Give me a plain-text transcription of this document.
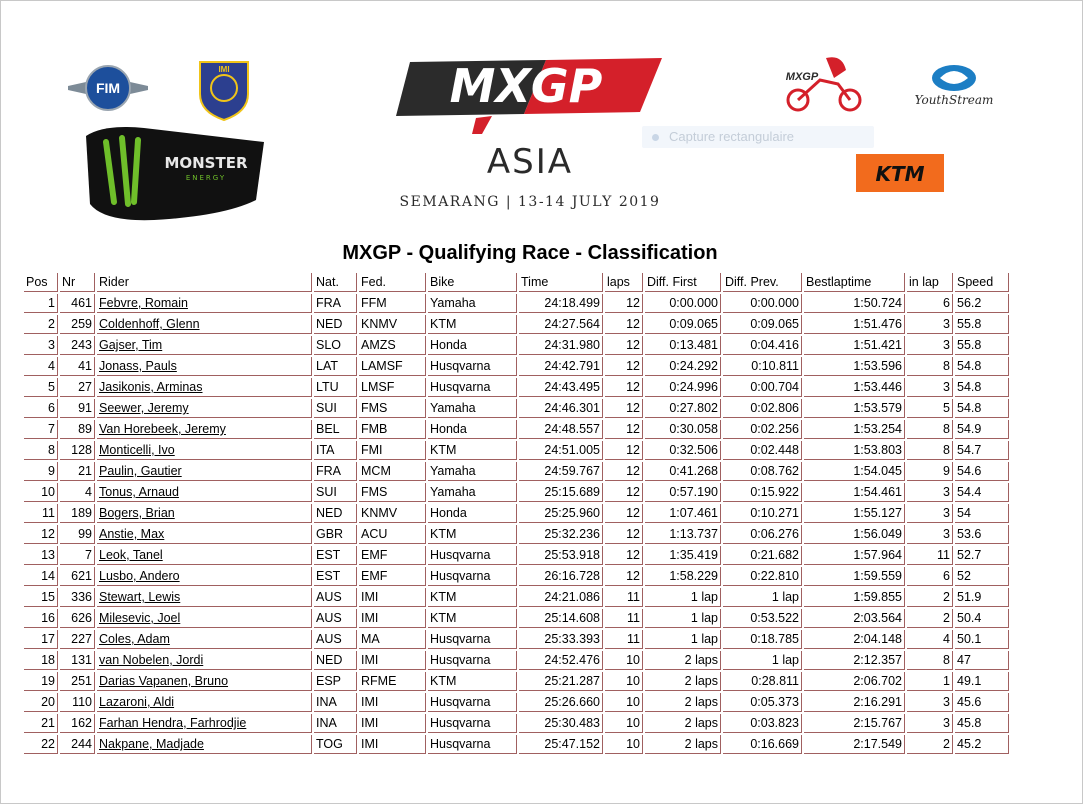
FIM
IMI
MONSTER
ENERGY
MXGP
ASIA
SEMARANG | 13-14 JULY 2019
MXGP
YouthStream
KTM
Capture rectangulaire
MXGP - Qualifying Race - Classification
Pos	Nr	Rider	Nat.	Fed.	Bike	Time	laps	Diff. First	Diff. Prev.	Bestlaptime	in lap	Speed
1	461	Febvre, Romain	FRA	FFM	Yamaha	24:18.499	12	0:00.000	0:00.000	1:50.724	6	56.2
2	259	Coldenhoff, Glenn	NED	KNMV	KTM	24:27.564	12	0:09.065	0:09.065	1:51.476	3	55.8
3	243	Gajser, Tim	SLO	AMZS	Honda	24:31.980	12	0:13.481	0:04.416	1:51.421	3	55.8
4	41	Jonass, Pauls	LAT	LAMSF	Husqvarna	24:42.791	12	0:24.292	0:10.811	1:53.596	8	54.8
5	27	Jasikonis, Arminas	LTU	LMSF	Husqvarna	24:43.495	12	0:24.996	0:00.704	1:53.446	3	54.8
6	91	Seewer, Jeremy	SUI	FMS	Yamaha	24:46.301	12	0:27.802	0:02.806	1:53.579	5	54.8
7	89	Van Horebeek, Jeremy	BEL	FMB	Honda	24:48.557	12	0:30.058	0:02.256	1:53.254	8	54.9
8	128	Monticelli, Ivo	ITA	FMI	KTM	24:51.005	12	0:32.506	0:02.448	1:53.803	8	54.7
9	21	Paulin, Gautier	FRA	MCM	Yamaha	24:59.767	12	0:41.268	0:08.762	1:54.045	9	54.6
10	4	Tonus, Arnaud	SUI	FMS	Yamaha	25:15.689	12	0:57.190	0:15.922	1:54.461	3	54.4
11	189	Bogers, Brian	NED	KNMV	Honda	25:25.960	12	1:07.461	0:10.271	1:55.127	3	54
12	99	Anstie, Max	GBR	ACU	KTM	25:32.236	12	1:13.737	0:06.276	1:56.049	3	53.6
13	7	Leok, Tanel	EST	EMF	Husqvarna	25:53.918	12	1:35.419	0:21.682	1:57.964	11	52.7
14	621	Lusbo, Andero	EST	EMF	Husqvarna	26:16.728	12	1:58.229	0:22.810	1:59.559	6	52
15	336	Stewart, Lewis	AUS	IMI	KTM	24:21.086	11	1 lap	1 lap	1:59.855	2	51.9
16	626	Milesevic, Joel	AUS	IMI	KTM	25:14.608	11	1 lap	0:53.522	2:03.564	2	50.4
17	227	Coles, Adam	AUS	MA	Husqvarna	25:33.393	11	1 lap	0:18.785	2:04.148	4	50.1
18	131	van Nobelen, Jordi	NED	IMI	Husqvarna	24:52.476	10	2 laps	1 lap	2:12.357	8	47
19	251	Darias Vapanen, Bruno	ESP	RFME	KTM	25:21.287	10	2 laps	0:28.811	2:06.702	1	49.1
20	110	Lazaroni, Aldi	INA	IMI	Husqvarna	25:26.660	10	2 laps	0:05.373	2:16.291	3	45.6
21	162	Farhan Hendra, Farhrodjie	INA	IMI	Husqvarna	25:30.483	10	2 laps	0:03.823	2:15.767	3	45.8
22	244	Nakpane, Madjade	TOG	IMI	Husqvarna	25:47.152	10	2 laps	0:16.669	2:17.549	2	45.2
